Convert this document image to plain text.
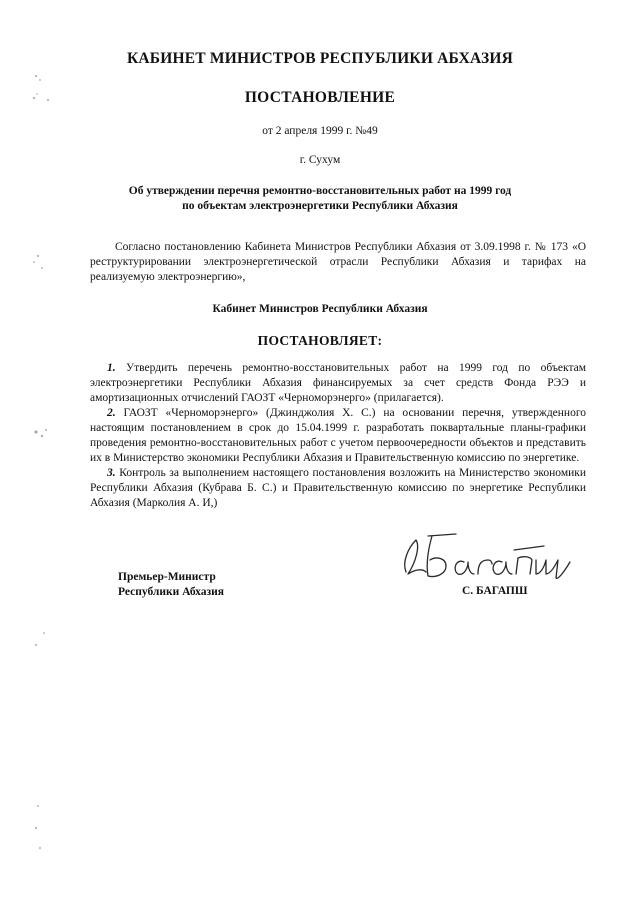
КАБИНЕТ МИНИСТРОВ РЕСПУБЛИКИ АБХАЗИЯ
ПОСТАНОВЛЕНИЕ
от 2 апреля 1999 г. №49
г. Сухум
Об утверждении перечня ремонтно-восстановительных работ на 1999 год
по объектам электроэнергетики Республики Абхазия
Согласно постановлению Кабинета Министров Республики Абхазия от 3.09.1998 г. № 173 «О реструктурировании электроэнергетической отрасли Республики Абхазия и тарифах на реализуемую электроэнергию»,
Кабинет Министров Республики Абхазия
ПОСТАНОВЛЯЕТ:

1. Утвердить перечень ремонтно-восстановительных работ на 1999 год по объектам электроэнергетики Республики Абхазия финансируемых за счет средств Фонда РЭЭ и амортизационных отчислений ГАОЗТ «Черноморэнерго» (прилагается).

2. ГАОЗТ «Черноморэнерго» (Джинджолия Х. С.) на основании перечня, утвержденного настоящим постановлением в срок до 15.04.1999 г. разработать поквартальные планы-графики проведения ремонтно-восстановительных работ с учетом первоочередности объектов и представить их в Министерство экономики Республики Абхазия и Правительственную комиссию по энергетике.

3. Контроль за выполнением настоящего постановления возложить на Министерство экономики Республики Абхазия (Кубрава Б. С.) и Правительственную комиссию по энергетике Республики Абхазия (Марколия А. И,)

Премьер-Министр
Республики Абхазия	С. БАГАПШ
